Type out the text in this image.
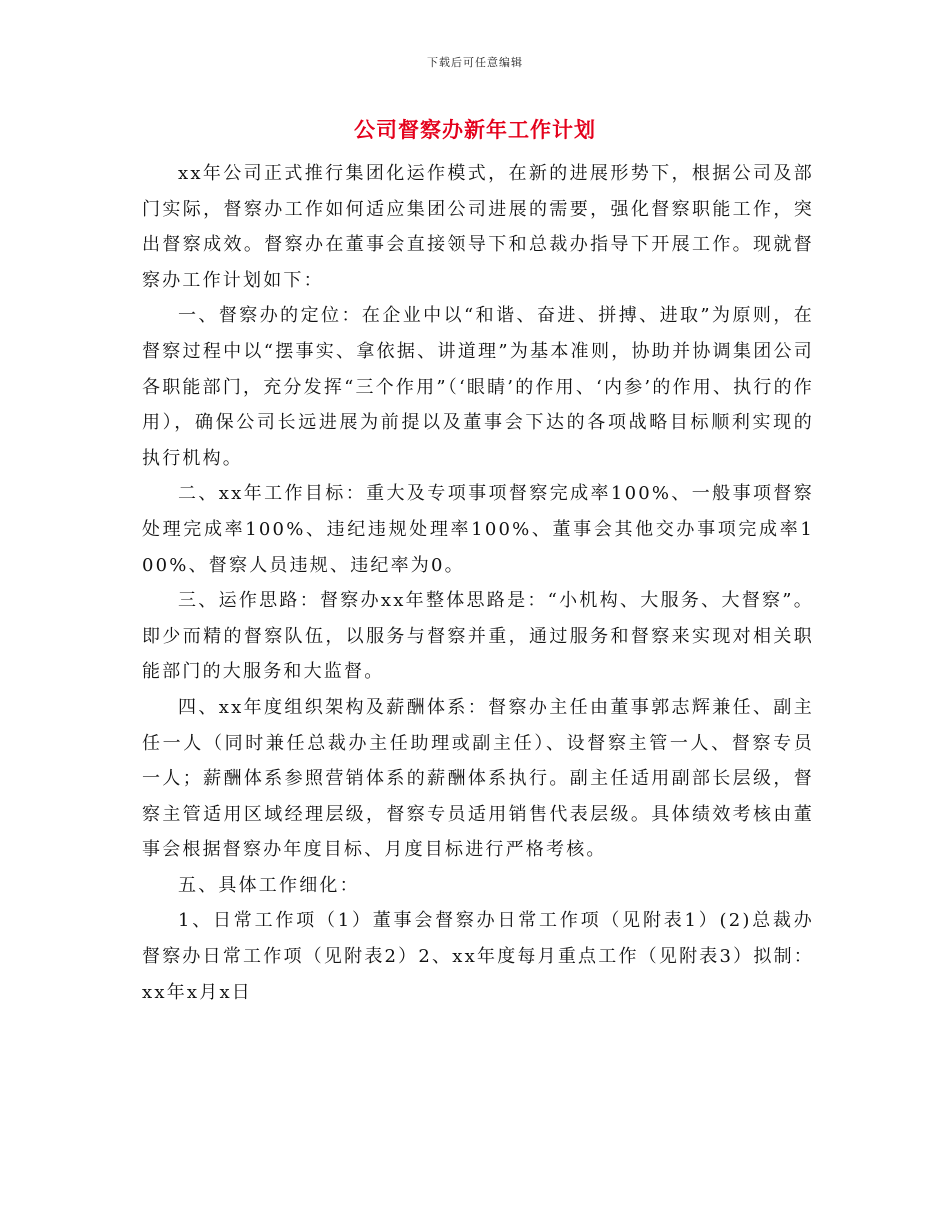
下载后可任意编辑
公司督察办新年工作计划

xx年公司正式推行集团化运作模式，在新的进展形势下，根据公司及部门实际，督察办工作如何适应集团公司进展的需要，强化督察职能工作，突出督察成效。督察办在董事会直接领导下和总裁办指导下开展工作。现就督察办工作计划如下：

一、督察办的定位：在企业中以“和谐、奋进、拼搏、进取”为原则，在督察过程中以“摆事实、拿依据、讲道理”为基本准则，协助并协调集团公司各职能部门，充分发挥“三个作用”（‘眼睛’的作用、‘内参’的作用、执行的作用），确保公司长远进展为前提以及董事会下达的各项战略目标顺利实现的执行机构。

二、xx年工作目标：重大及专项事项督察完成率100%、一般事项督察处理完成率100%、违纪违规处理率100%、董事会其他交办事项完成率100%、督察人员违规、违纪率为0。

三、运作思路：督察办xx年整体思路是：“小机构、大服务、大督察”。即少而精的督察队伍，以服务与督察并重，通过服务和督察来实现对相关职能部门的大服务和大监督。

四、xx年度组织架构及薪酬体系：督察办主任由董事郭志辉兼任、副主任一人（同时兼任总裁办主任助理或副主任）、设督察主管一人、督察专员一人；薪酬体系参照营销体系的薪酬体系执行。副主任适用副部长层级，督察主管适用区域经理层级，督察专员适用销售代表层级。具体绩效考核由董事会根据督察办年度目标、月度目标进行严格考核。

五、具体工作细化：

1、日常工作项（1）董事会督察办日常工作项（见附表1）(2)总裁办督察办日常工作项（见附表2）2、xx年度每月重点工作（见附表3）拟制：xx年x月x日
